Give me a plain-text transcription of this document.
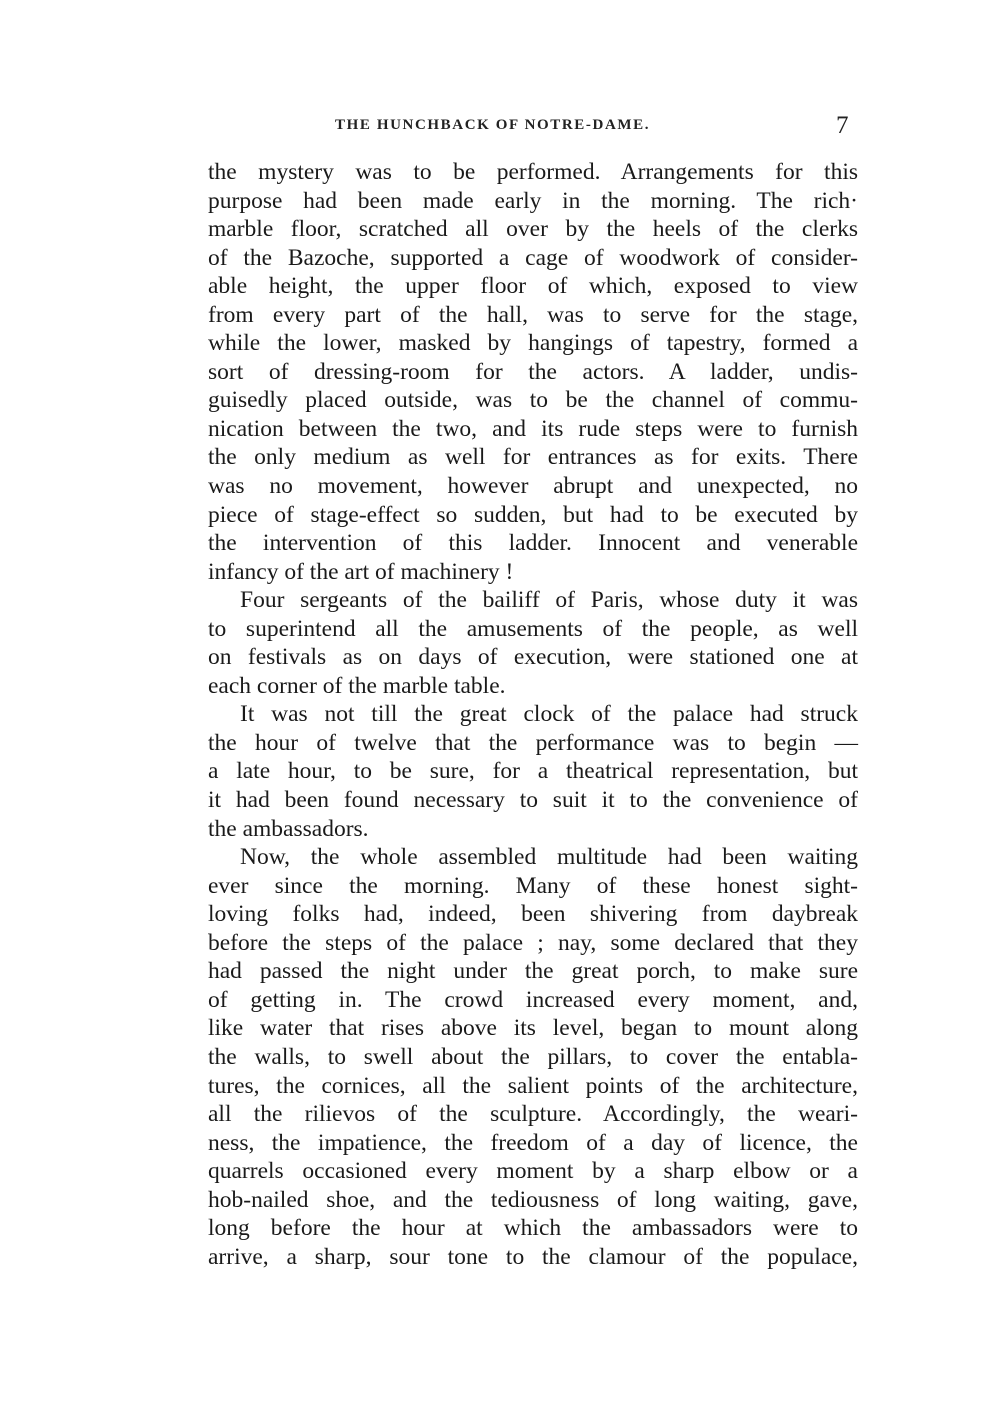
THE HUNCHBACK OF NOTRE-DAME.	7
the mystery was to be performed. Arrangements for this
purpose had been made early in the morning. The rich·
marble floor, scratched all over by the heels of the clerks
of the Bazoche, supported a cage of woodwork of consider-
able height, the upper floor of which, exposed to view
from every part of the hall, was to serve for the stage,
while the lower, masked by hangings of tapestry, formed a
sort of dressing-room for the actors. A ladder, undis-
guisedly placed outside, was to be the channel of commu-
nication between the two, and its rude steps were to furnish
the only medium as well for entrances as for exits. There
was no movement, however abrupt and unexpected, no
piece of stage-effect so sudden, but had to be executed by
the intervention of this ladder. Innocent and venerable
infancy of the art of machinery !
Four sergeants of the bailiff of Paris, whose duty it was
to superintend all the amusements of the people, as well
on festivals as on days of execution, were stationed one at
each corner of the marble table.
It was not till the great clock of the palace had struck
the hour of twelve that the performance was to begin —
a late hour, to be sure, for a theatrical representation, but
it had been found necessary to suit it to the convenience of
the ambassadors.
Now, the whole assembled multitude had been waiting
ever since the morning. Many of these honest sight-
loving folks had, indeed, been shivering from daybreak
before the steps of the palace ; nay, some declared that they
had passed the night under the great porch, to make sure
of getting in. The crowd increased every moment, and,
like water that rises above its level, began to mount along
the walls, to swell about the pillars, to cover the entabla-
tures, the cornices, all the salient points of the architecture,
all the rilievos of the sculpture. Accordingly, the weari-
ness, the impatience, the freedom of a day of licence, the
quarrels occasioned every moment by a sharp elbow or a
hob-nailed shoe, and the tediousness of long waiting, gave,
long before the hour at which the ambassadors were to
arrive, a sharp, sour tone to the clamour of the populace,
